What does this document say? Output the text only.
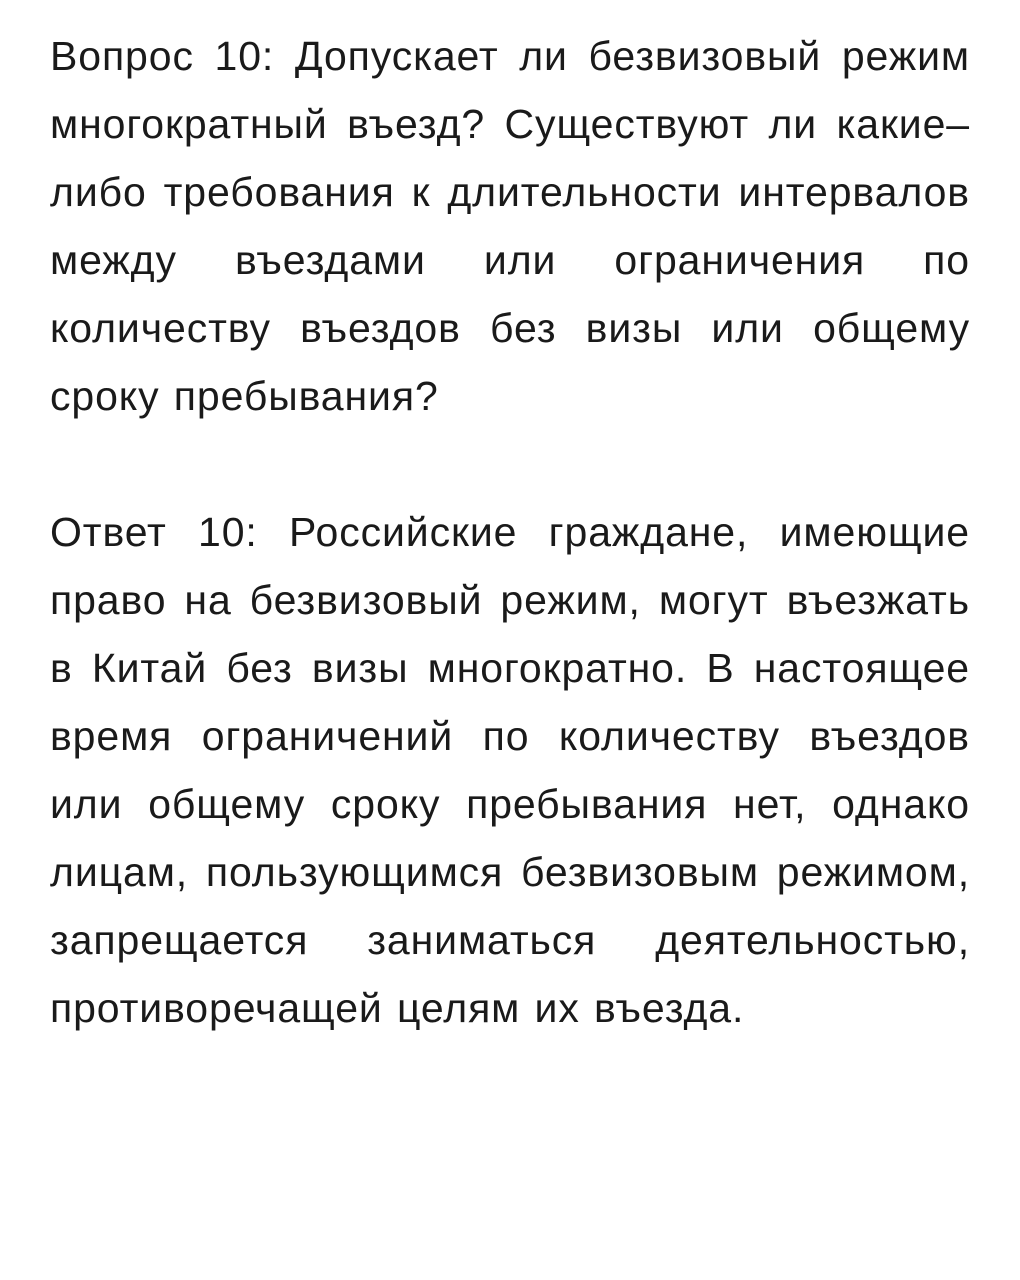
Вопрос 10: Допускает ли безвизовый режим многократный въезд? Существуют ли какие–либо требования к длительности интервалов между въездами или ограничения по количеству въездов без визы или общему сроку пребывания?

Ответ 10: Российские граждане, имеющие право на безвизовый режим, могут въезжать в Китай без визы многократно. В настоящее время ограничений по количеству въездов или общему сроку пребывания нет, однако лицам, пользующимся безвизовым режимом, запрещается заниматься деятельностью, противоречащей целям их въезда.
